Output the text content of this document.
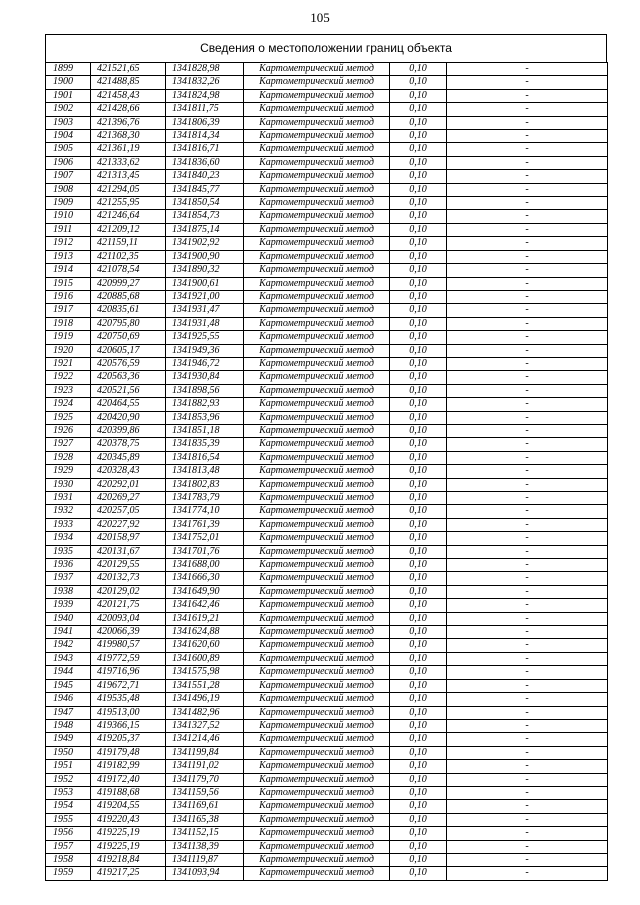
105
Сведения о местоположении границ объекта
1899	421521,65	1341828,98	Картометрический метод	0,10	-
1900	421488,85	1341832,26	Картометрический метод	0,10	-
1901	421458,43	1341824,98	Картометрический метод	0,10	-
1902	421428,66	1341811,75	Картометрический метод	0,10	-
1903	421396,76	1341806,39	Картометрический метод	0,10	-
1904	421368,30	1341814,34	Картометрический метод	0,10	-
1905	421361,19	1341816,71	Картометрический метод	0,10	-
1906	421333,62	1341836,60	Картометрический метод	0,10	-
1907	421313,45	1341840,23	Картометрический метод	0,10	-
1908	421294,05	1341845,77	Картометрический метод	0,10	-
1909	421255,95	1341850,54	Картометрический метод	0,10	-
1910	421246,64	1341854,73	Картометрический метод	0,10	-
1911	421209,12	1341875,14	Картометрический метод	0,10	-
1912	421159,11	1341902,92	Картометрический метод	0,10	-
1913	421102,35	1341900,90	Картометрический метод	0,10	-
1914	421078,54	1341890,32	Картометрический метод	0,10	-
1915	420999,27	1341900,61	Картометрический метод	0,10	-
1916	420885,68	1341921,00	Картометрический метод	0,10	-
1917	420835,61	1341931,47	Картометрический метод	0,10	-
1918	420795,80	1341931,48	Картометрический метод	0,10	-
1919	420750,69	1341925,55	Картометрический метод	0,10	-
1920	420605,17	1341949,36	Картометрический метод	0,10	-
1921	420576,59	1341946,72	Картометрический метод	0,10	-
1922	420563,36	1341930,84	Картометрический метод	0,10	-
1923	420521,56	1341898,56	Картометрический метод	0,10	-
1924	420464,55	1341882,93	Картометрический метод	0,10	-
1925	420420,90	1341853,96	Картометрический метод	0,10	-
1926	420399,86	1341851,18	Картометрический метод	0,10	-
1927	420378,75	1341835,39	Картометрический метод	0,10	-
1928	420345,89	1341816,54	Картометрический метод	0,10	-
1929	420328,43	1341813,48	Картометрический метод	0,10	-
1930	420292,01	1341802,83	Картометрический метод	0,10	-
1931	420269,27	1341783,79	Картометрический метод	0,10	-
1932	420257,05	1341774,10	Картометрический метод	0,10	-
1933	420227,92	1341761,39	Картометрический метод	0,10	-
1934	420158,97	1341752,01	Картометрический метод	0,10	-
1935	420131,67	1341701,76	Картометрический метод	0,10	-
1936	420129,55	1341688,00	Картометрический метод	0,10	-
1937	420132,73	1341666,30	Картометрический метод	0,10	-
1938	420129,02	1341649,90	Картометрический метод	0,10	-
1939	420121,75	1341642,46	Картометрический метод	0,10	-
1940	420093,04	1341619,21	Картометрический метод	0,10	-
1941	420066,39	1341624,88	Картометрический метод	0,10	-
1942	419980,57	1341620,60	Картометрический метод	0,10	-
1943	419772,59	1341600,89	Картометрический метод	0,10	-
1944	419716,96	1341575,98	Картометрический метод	0,10	-
1945	419672,71	1341551,28	Картометрический метод	0,10	-
1946	419535,48	1341496,19	Картометрический метод	0,10	-
1947	419513,00	1341482,96	Картометрический метод	0,10	-
1948	419366,15	1341327,52	Картометрический метод	0,10	-
1949	419205,37	1341214,46	Картометрический метод	0,10	-
1950	419179,48	1341199,84	Картометрический метод	0,10	-
1951	419182,99	1341191,02	Картометрический метод	0,10	-
1952	419172,40	1341179,70	Картометрический метод	0,10	-
1953	419188,68	1341159,56	Картометрический метод	0,10	-
1954	419204,55	1341169,61	Картометрический метод	0,10	-
1955	419220,43	1341165,38	Картометрический метод	0,10	-
1956	419225,19	1341152,15	Картометрический метод	0,10	-
1957	419225,19	1341138,39	Картометрический метод	0,10	-
1958	419218,84	1341119,87	Картометрический метод	0,10	-
1959	419217,25	1341093,94	Картометрический метод	0,10	-
